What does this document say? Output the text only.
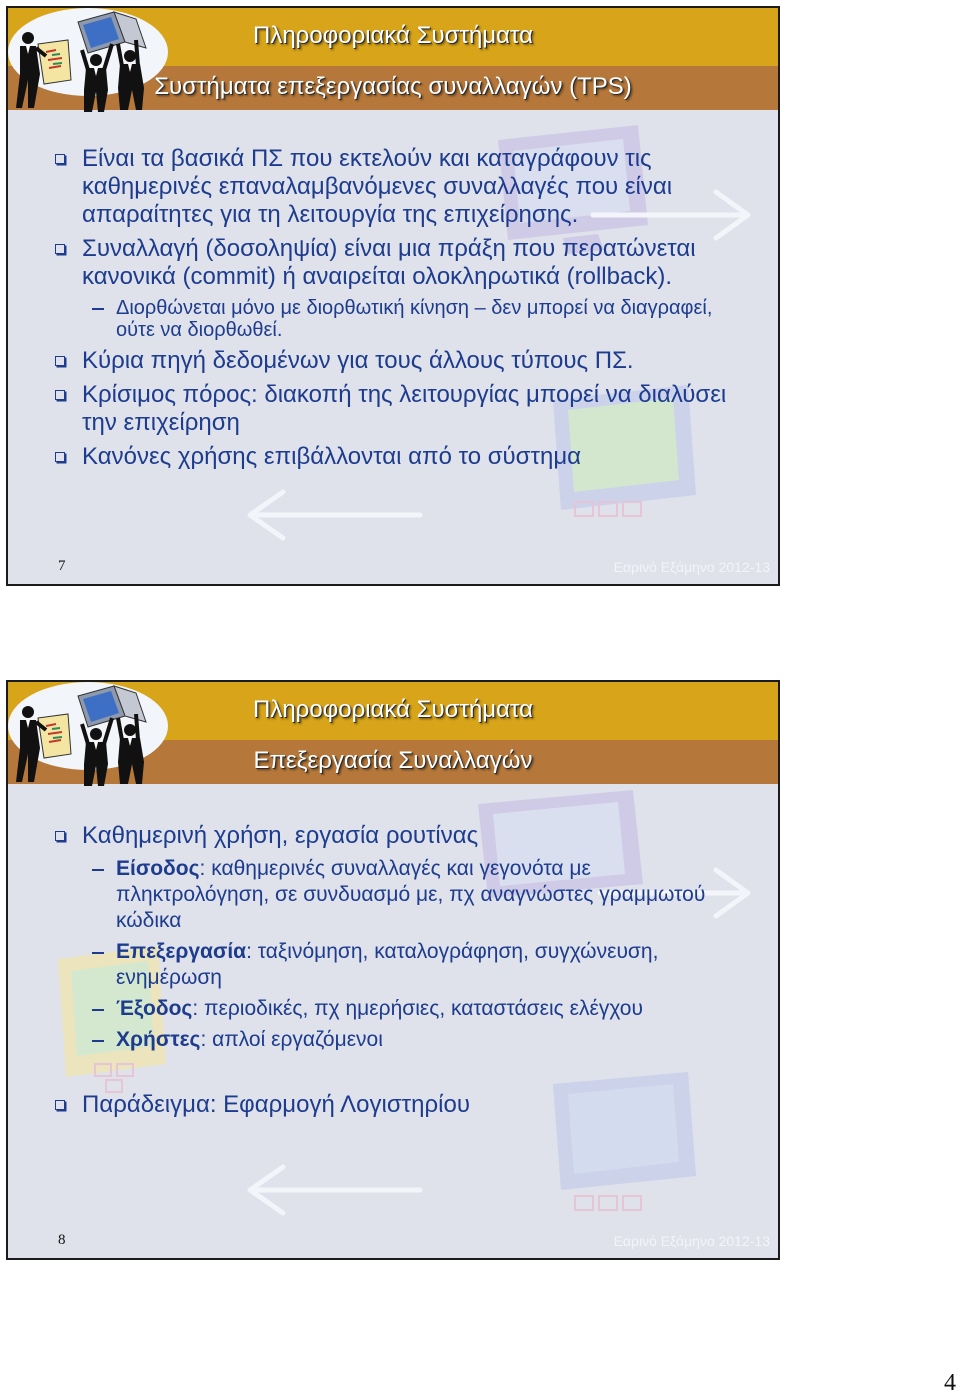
Πληροφοριακά Συστήματα
Συστήματα επεξεργασίας συναλλαγών (TPS)
Είναι τα βασικά ΠΣ που εκτελούν και καταγράφουν τις καθημερινές επαναλαμβανόμενες συναλλαγές που είναι απαραίτητες για τη λειτουργία της επιχείρησης.
Συναλλαγή (δοσοληψία) είναι μια πράξη που περατώνεται κανονικά (commit) ή αναιρείται ολοκληρωτικά (rollback).
Διορθώνεται μόνο με διορθωτική κίνηση – δεν μπορεί να διαγραφεί, ούτε να διορθωθεί.
Κύρια πηγή δεδομένων για τους άλλους τύπους ΠΣ.
Κρίσιμος πόρος: διακοπή της λειτουργίας μπορεί να διαλύσει την επιχείρηση
Κανόνες χρήσης επιβάλλονται από το σύστημα
7	Εαρινό Εξάμηνο 2012-13
Πληροφοριακά Συστήματα
Επεξεργασία Συναλλαγών
Καθημερινή χρήση, εργασία ρουτίνας
Είσοδος: καθημερινές συναλλαγές και γεγονότα με πληκτρολόγηση, σε συνδυασμό με, πχ αναγνώστες γραμμωτού κώδικα
Επεξεργασία: ταξινόμηση, καταλογράφηση, συγχώνευση, ενημέρωση
Έξοδος: περιοδικές, πχ ημερήσιες, καταστάσεις ελέγχου
Χρήστες: απλοί εργαζόμενοι
Παράδειγμα: Εφαρμογή Λογιστηρίου
8	Εαρινό Εξάμηνο 2012-13
4
